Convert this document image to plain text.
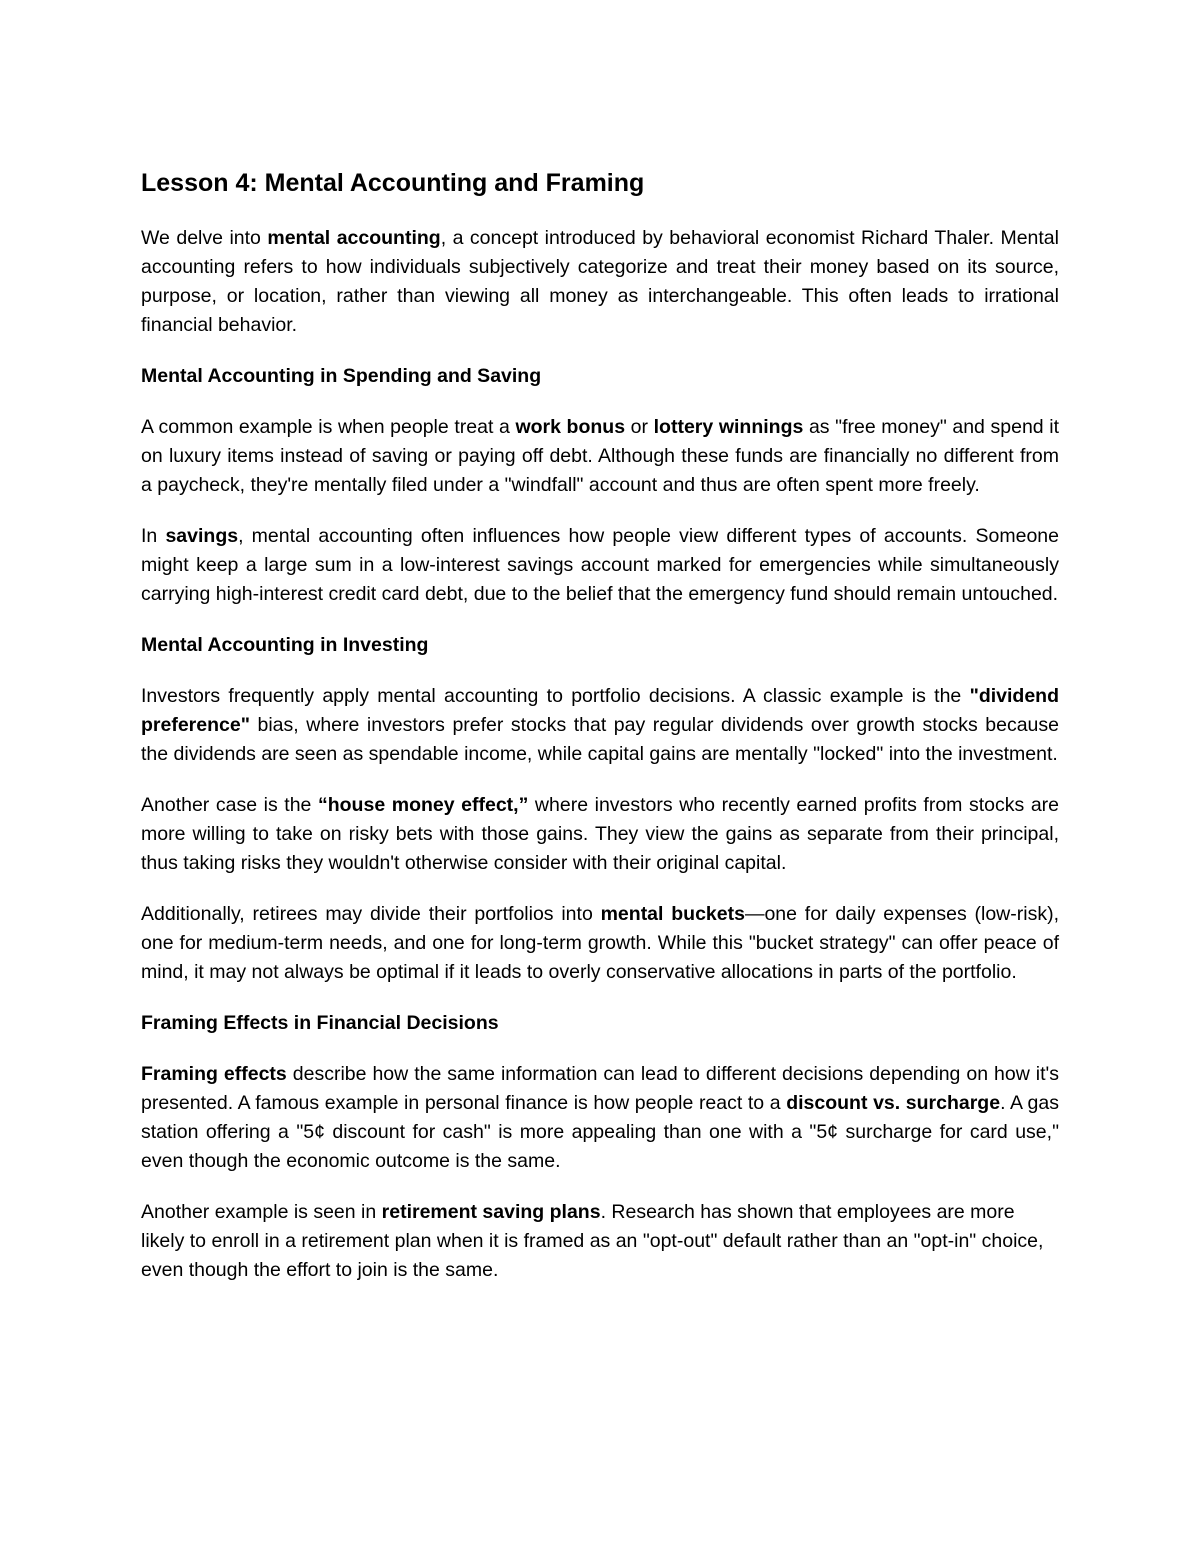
Lesson 4: Mental Accounting and Framing

We delve into mental accounting, a concept introduced by behavioral economist Richard Thaler. Mental accounting refers to how individuals subjectively categorize and treat their money based on its source, purpose, or location, rather than viewing all money as interchangeable. This often leads to irrational financial behavior.

Mental Accounting in Spending and Saving

A common example is when people treat a work bonus or lottery winnings as "free money" and spend it on luxury items instead of saving or paying off debt. Although these funds are financially no different from a paycheck, they're mentally filed under a "windfall" account and thus are often spent more freely.

In savings, mental accounting often influences how people view different types of accounts. Someone might keep a large sum in a low-interest savings account marked for emergencies while simultaneously carrying high-interest credit card debt, due to the belief that the emergency fund should remain untouched.

Mental Accounting in Investing

Investors frequently apply mental accounting to portfolio decisions. A classic example is the "dividend preference" bias, where investors prefer stocks that pay regular dividends over growth stocks because the dividends are seen as spendable income, while capital gains are mentally "locked" into the investment.

Another case is the “house money effect,” where investors who recently earned profits from stocks are more willing to take on risky bets with those gains. They view the gains as separate from their principal, thus taking risks they wouldn't otherwise consider with their original capital.

Additionally, retirees may divide their portfolios into mental buckets—one for daily expenses (low-risk), one for medium-term needs, and one for long-term growth. While this "bucket strategy" can offer peace of mind, it may not always be optimal if it leads to overly conservative allocations in parts of the portfolio.

Framing Effects in Financial Decisions

Framing effects describe how the same information can lead to different decisions depending on how it's presented. A famous example in personal finance is how people react to a discount vs. surcharge. A gas station offering a "5¢ discount for cash" is more appealing than one with a "5¢ surcharge for card use," even though the economic outcome is the same.

Another example is seen in retirement saving plans. Research has shown that employees are more likely to enroll in a retirement plan when it is framed as an "opt-out" default rather than an "opt-in" choice, even though the effort to join is the same.
